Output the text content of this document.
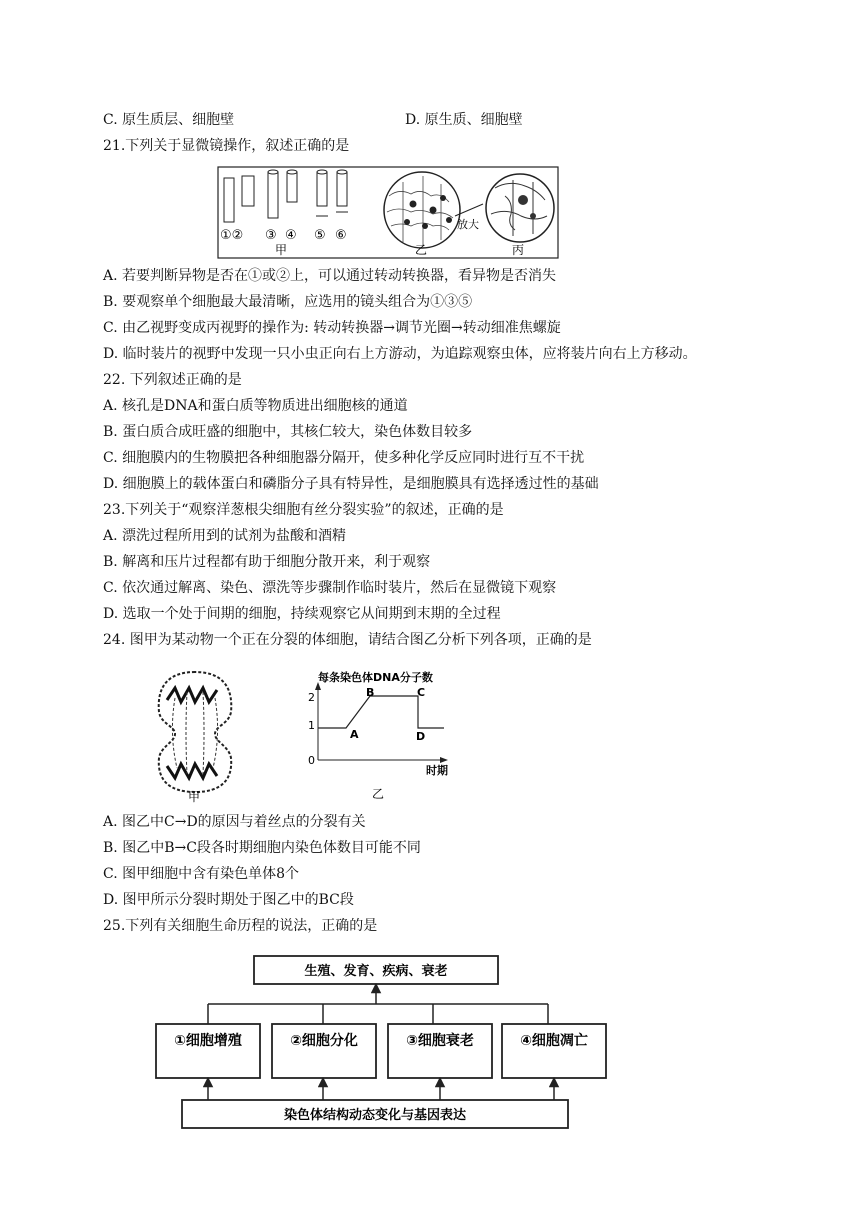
C. 原生质层、细胞壁	D. 原生质、细胞壁
21.下列关于显微镜操作，叙述正确的是
①② ③ ④ ⑤ ⑥
甲
放大
乙	丙
A. 若要判断异物是否在①或②上，可以通过转动转换器，看异物是否消失
B. 要观察单个细胞最大最清晰，应选用的镜头组合为①③⑤
C. 由乙视野变成丙视野的操作为: 转动转换器→调节光圈→转动细准焦螺旋
D. 临时装片的视野中发现一只小虫正向右上方游动，为追踪观察虫体，应将装片向右上方移动。
22. 下列叙述正确的是
A. 核孔是DNA和蛋白质等物质进出细胞核的通道
B. 蛋白质合成旺盛的细胞中，其核仁较大，染色体数目较多
C. 细胞膜内的生物膜把各种细胞器分隔开，使多种化学反应同时进行互不干扰
D. 细胞膜上的载体蛋白和磷脂分子具有特异性，是细胞膜具有选择透过性的基础
23.下列关于“观察洋葱根尖细胞有丝分裂实验”的叙述，正确的是
A. 漂洗过程所用到的试剂为盐酸和酒精
B. 解离和压片过程都有助于细胞分散开来，利于观察
C. 依次通过解离、染色、漂洗等步骤制作临时装片，然后在显微镜下观察
D. 选取一个处于间期的细胞，持续观察它从间期到末期的全过程
24. 图甲为某动物一个正在分裂的体细胞，请结合图乙分析下列各项，正确的是
甲
每条染色体DNA分子数
0
1
2
A
B	C
D
时期
乙
A. 图乙中C→D的原因与着丝点的分裂有关
B. 图乙中B→C段各时期细胞内染色体数目可能不同
C. 图甲细胞中含有染色单体8个
D. 图甲所示分裂时期处于图乙中的BC段
25.下列有关细胞生命历程的说法，正确的是
生殖、发育、疾病、衰老
①细胞增殖	②细胞分化	③细胞衰老	④细胞凋亡
染色体结构动态变化与基因表达
